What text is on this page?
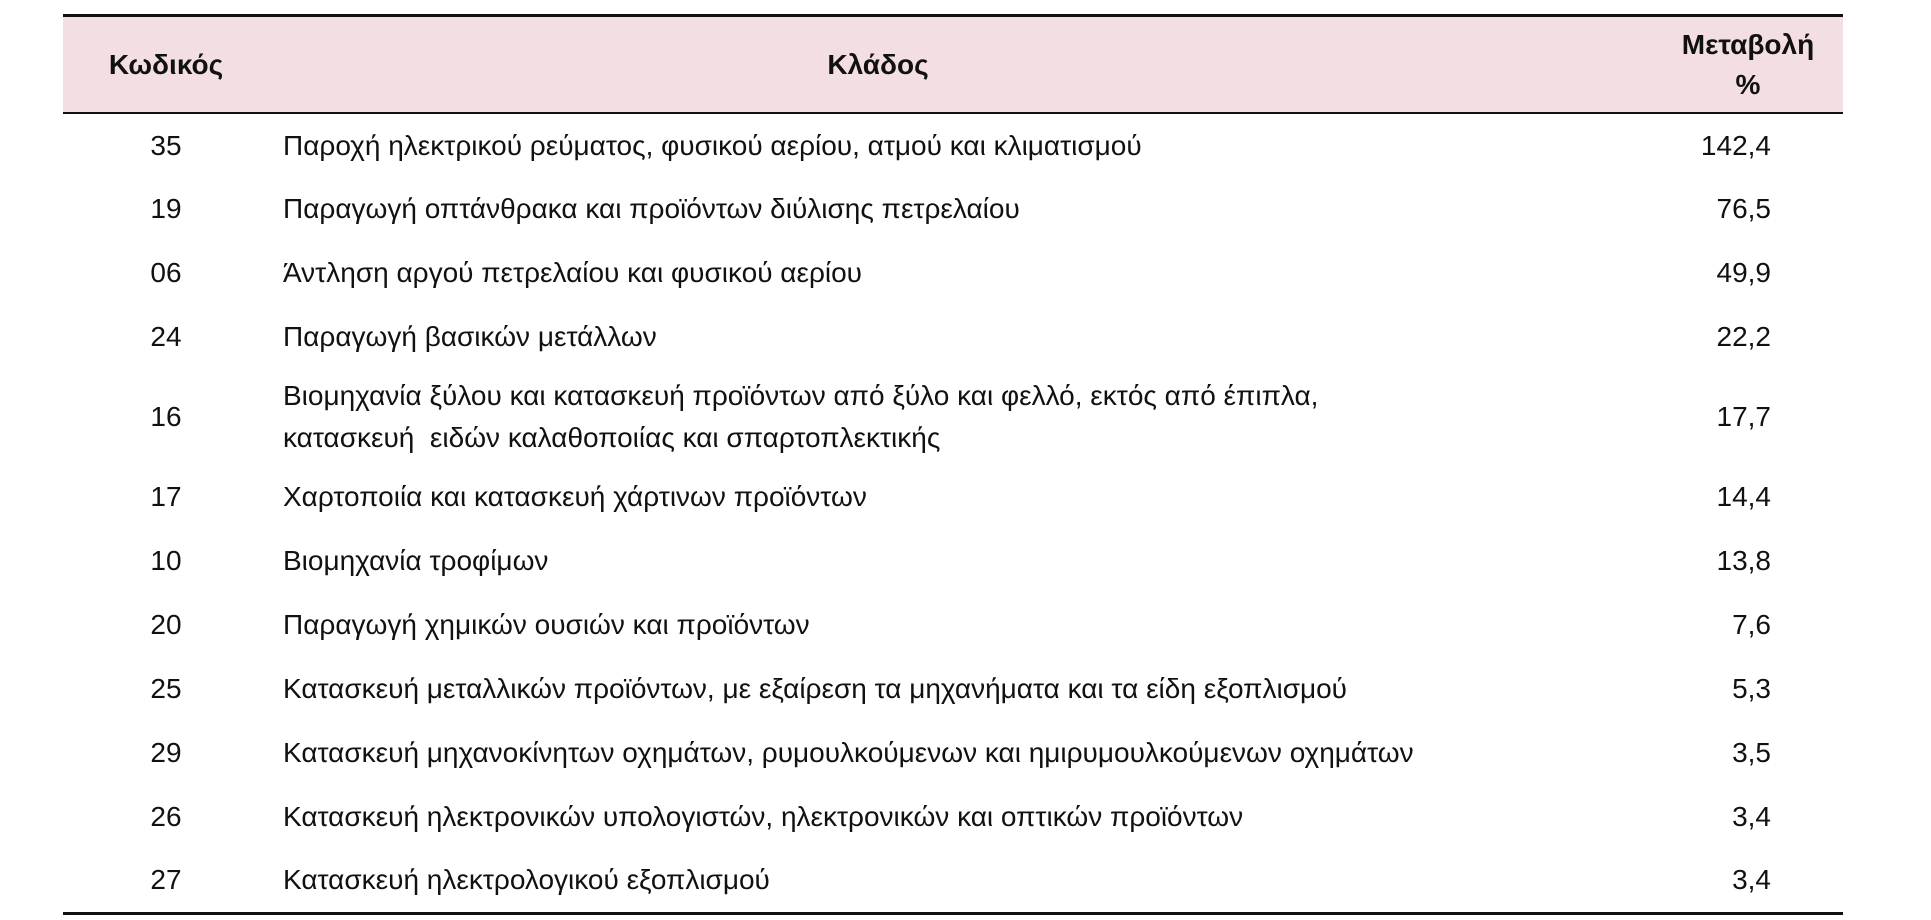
Κωδικός	Κλάδος	Μεταβολή
%
35	Παροχή ηλεκτρικού ρεύματος, φυσικού αερίου, ατμού και κλιματισμού	142,4
19	Παραγωγή οπτάνθρακα και προϊόντων διύλισης πετρελαίου	76,5
06	Άντληση αργού πετρελαίου και φυσικού αερίου	49,9
24	Παραγωγή βασικών μετάλλων	22,2
16	Βιομηχανία ξύλου και κατασκευή προϊόντων από ξύλο και φελλό, εκτός από έπιπλα,
κατασκευή  ειδών καλαθοποιίας και σπαρτοπλεκτικής	17,7
17	Χαρτοποιία και κατασκευή χάρτινων προϊόντων	14,4
10	Βιομηχανία τροφίμων	13,8
20	Παραγωγή χημικών ουσιών και προϊόντων	7,6
25	Κατασκευή μεταλλικών προϊόντων, με εξαίρεση τα μηχανήματα και τα είδη εξοπλισμού	5,3
29	Κατασκευή μηχανοκίνητων οχημάτων, ρυμουλκούμενων και ημιρυμουλκούμενων οχημάτων	3,5
26	Κατασκευή ηλεκτρονικών υπολογιστών, ηλεκτρονικών και οπτικών προϊόντων	3,4
27	Κατασκευή ηλεκτρολογικού εξοπλισμού	3,4
